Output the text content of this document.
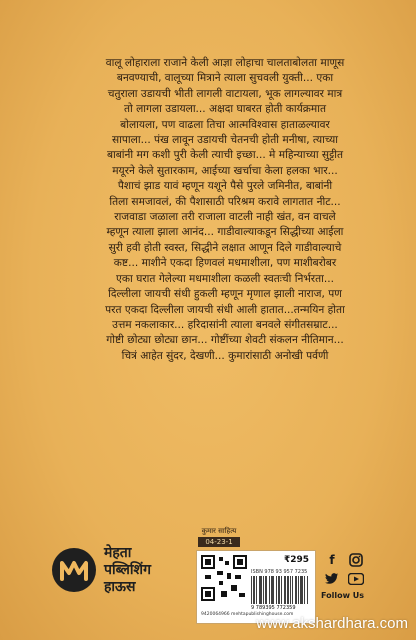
वालू लोहाराला राजाने केली आज्ञा लोहाचा चालताबोलता माणूस
बनवण्याची, वालूच्या मित्राने त्याला सुचवली युक्ती... एका
चतुराला उडायची भीती लागली वाटायला, भूक लागल्यावर मात्र
तो लागला उडायला... अक्षदा घाबरत होती कार्यक्रमात
बोलायला, पण वाढला तिचा आत्मविश्वास हाताळल्यावर
सापाला... पंख लावून उडायची चेतनची होती मनीषा, त्याच्या
बाबांनी मग कशी पुरी केली त्याची इच्छा... मे महिन्याच्या सुट्टीत
मयूरने केले सुतारकाम, आईच्या खर्चाचा केला हलका भार...
पैशाचं झाड यावं म्हणून यशूने पैसे पुरले जमिनीत, बाबांनी
तिला समजावलं, की पैशासाठी परिश्रम करावे लागतात नीट...
राजवाडा जळाला तरी राजाला वाटली नाही खंत, वन वाचले
म्हणून त्याला झाला आनंद... गाडीवाल्याकडून सिद्धीच्या आईला
सुरी हवी होती स्वस्त, सिद्धीने लक्षात आणून दिले गाडीवाल्याचे
कष्ट... माशीने एकदा हिणवलं मधमाशीला, पण माशीबरोबर
एका घरात गेलेल्या मधमाशीला कळली स्वतःची निर्भरता...
दिल्लीला जायची संधी हुकली म्हणून मृणाल झाली नाराज, पण
परत एकदा दिल्लीला जायची संधी आली हातात...तन्मयिन होता
उत्तम नकलाकार... हरिदासांनी त्याला बनवले संगीतसम्राट...
गोष्टी छोट्या छोट्या छान... गोष्टींच्या शेवटी संकलन नीतिमान...
चित्रं आहेत सुंदर, देखणी... कुमारांसाठी अनोखी पर्वणी
मेहता
पब्लिशिंग
हाऊस
कुमार साहित्य
04-23-1
₹295
ISBN 978 93 957 7235
9 789395 772359
9420064966 mehtapublishinghouse.com
f
Follow Us
www.akshardhara.com
